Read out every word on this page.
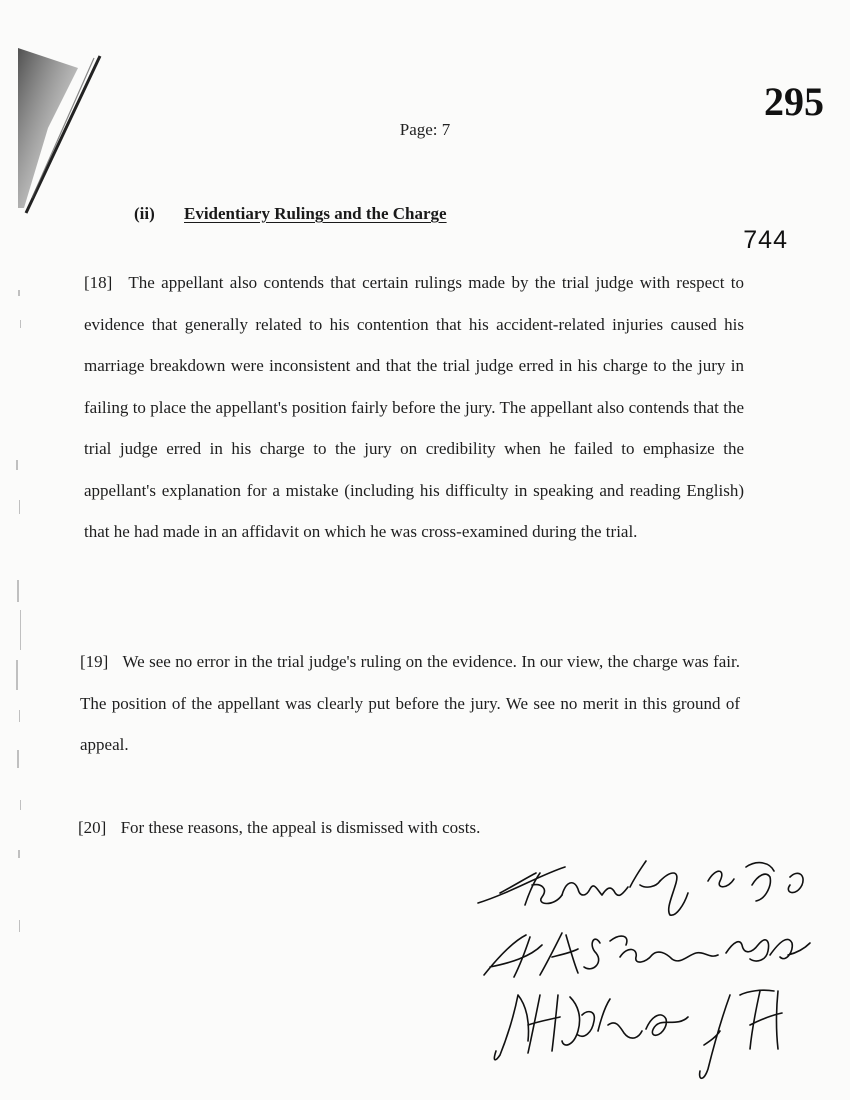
295
Page: 7
(ii) Evidentiary Rulings and the Charge
744
[18] The appellant also contends that certain rulings made by the trial judge with respect to evidence that generally related to his contention that his accident-related injuries caused his marriage breakdown were inconsistent and that the trial judge erred in his charge to the jury in failing to place the appellant's position fairly before the jury. The appellant also contends that the trial judge erred in his charge to the jury on credibility when he failed to emphasize the appellant's explanation for a mistake (including his difficulty in speaking and reading English) that he had made in an affidavit on which he was cross-examined during the trial.
[19] We see no error in the trial judge's ruling on the evidence. In our view, the charge was fair. The position of the appellant was clearly put before the jury. We see no merit in this ground of appeal.
[20] For these reasons, the appeal is dismissed with costs.
